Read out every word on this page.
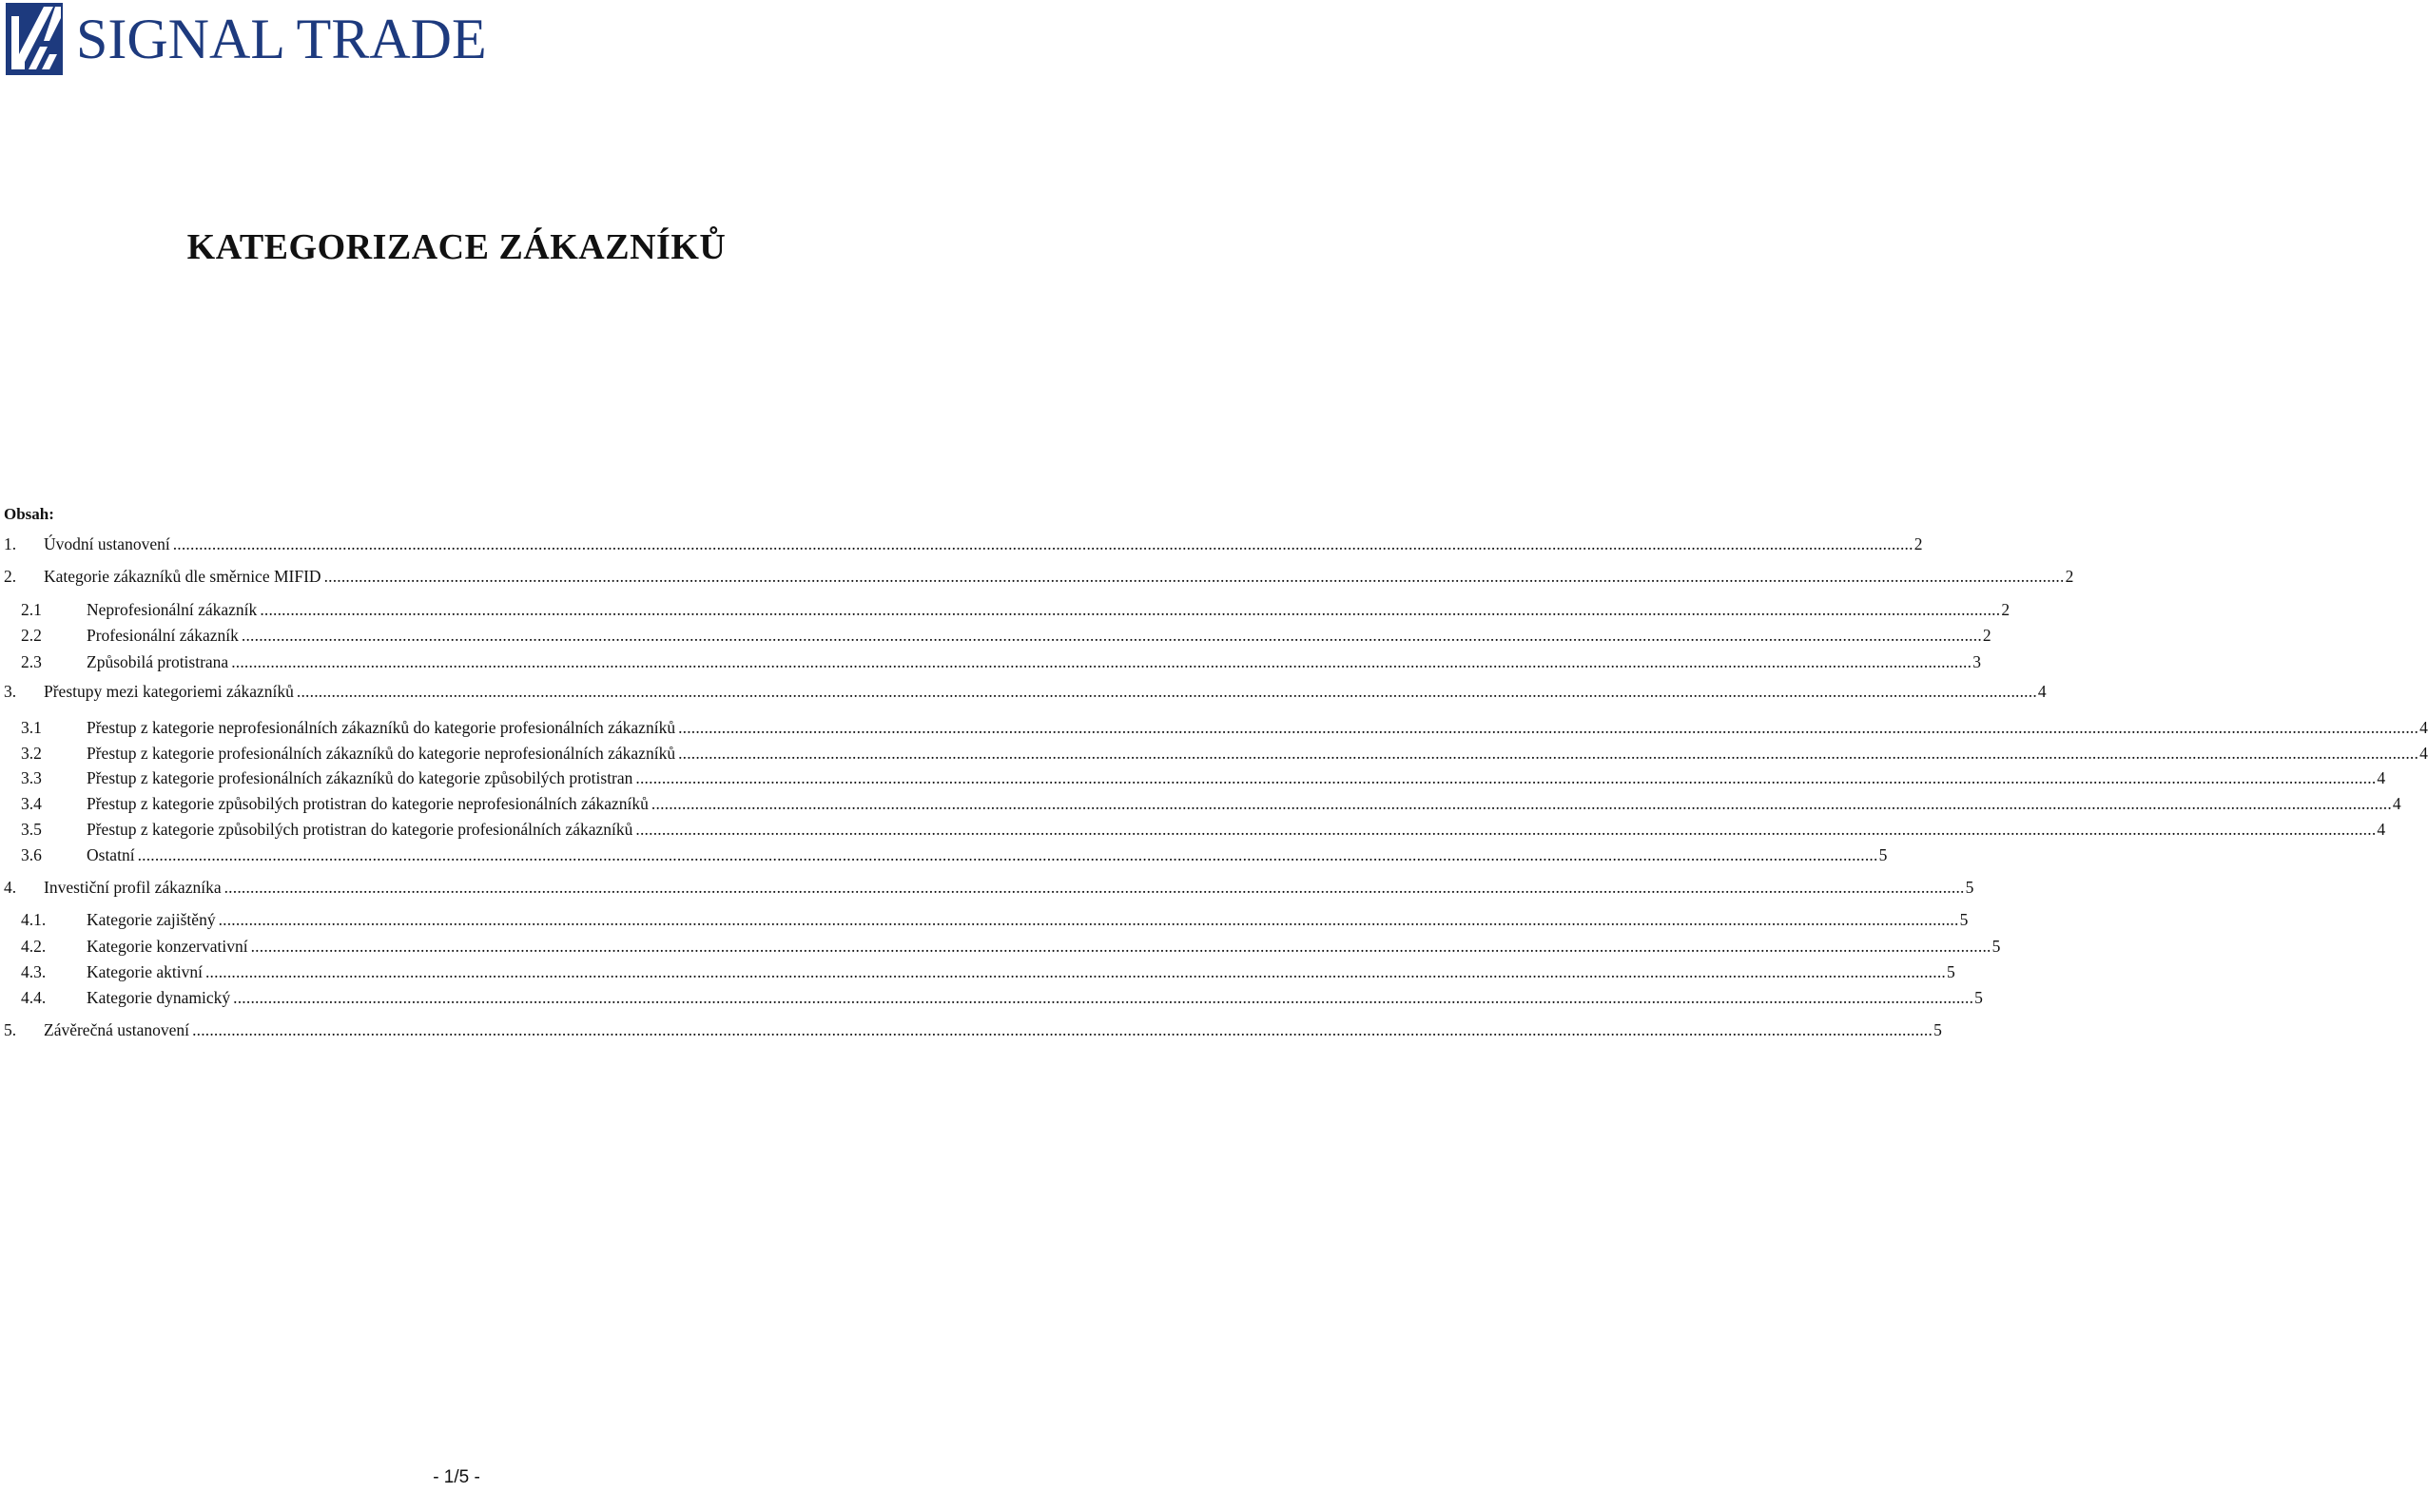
SIGNAL TRADE
KATEGORIZACE ZÁKAZNÍKŮ
Obsah:
1. Úvodní ustanovení ................................................................................................................................................................................................................................................................................................................................................................................................................ 2
2. Kategorie zákazníků dle směrnice MIFID ................................................................................................................................................................................................................................................................................................................................................................................................................ 2
2.1	Neprofesionální zákazník ................................................................................................................................................................................................................................................................................................................................................................................................................ 2
2.2	Profesionální zákazník ................................................................................................................................................................................................................................................................................................................................................................................................................ 2
2.3	Způsobilá protistrana ................................................................................................................................................................................................................................................................................................................................................................................................................ 3
3. Přestupy mezi kategoriemi zákazníků ................................................................................................................................................................................................................................................................................................................................................................................................................ 4
3.1	Přestup z kategorie neprofesionálních zákazníků do kategorie profesionálních zákazníků ................................................................................................................................................................................................................................................................................................................................................................................................................ 4
3.2	Přestup z kategorie profesionálních zákazníků do kategorie neprofesionálních zákazníků ................................................................................................................................................................................................................................................................................................................................................................................................................ 4
3.3	Přestup z kategorie profesionálních zákazníků do kategorie způsobilých protistran ................................................................................................................................................................................................................................................................................................................................................................................................................ 4
3.4	Přestup z kategorie způsobilých protistran do kategorie neprofesionálních zákazníků ................................................................................................................................................................................................................................................................................................................................................................................................................ 4
3.5	Přestup z kategorie způsobilých protistran do kategorie profesionálních zákazníků ................................................................................................................................................................................................................................................................................................................................................................................................................ 4
3.6	Ostatní ................................................................................................................................................................................................................................................................................................................................................................................................................ 5
4. Investiční profil zákazníka ................................................................................................................................................................................................................................................................................................................................................................................................................ 5
4.1. Kategorie zajištěný ................................................................................................................................................................................................................................................................................................................................................................................................................ 5
4.2. Kategorie konzervativní ................................................................................................................................................................................................................................................................................................................................................................................................................ 5
4.3. Kategorie aktivní ................................................................................................................................................................................................................................................................................................................................................................................................................ 5
4.4. Kategorie dynamický ................................................................................................................................................................................................................................................................................................................................................................................................................ 5
5. Závěrečná ustanovení ................................................................................................................................................................................................................................................................................................................................................................................................................ 5
- 1/5 -
